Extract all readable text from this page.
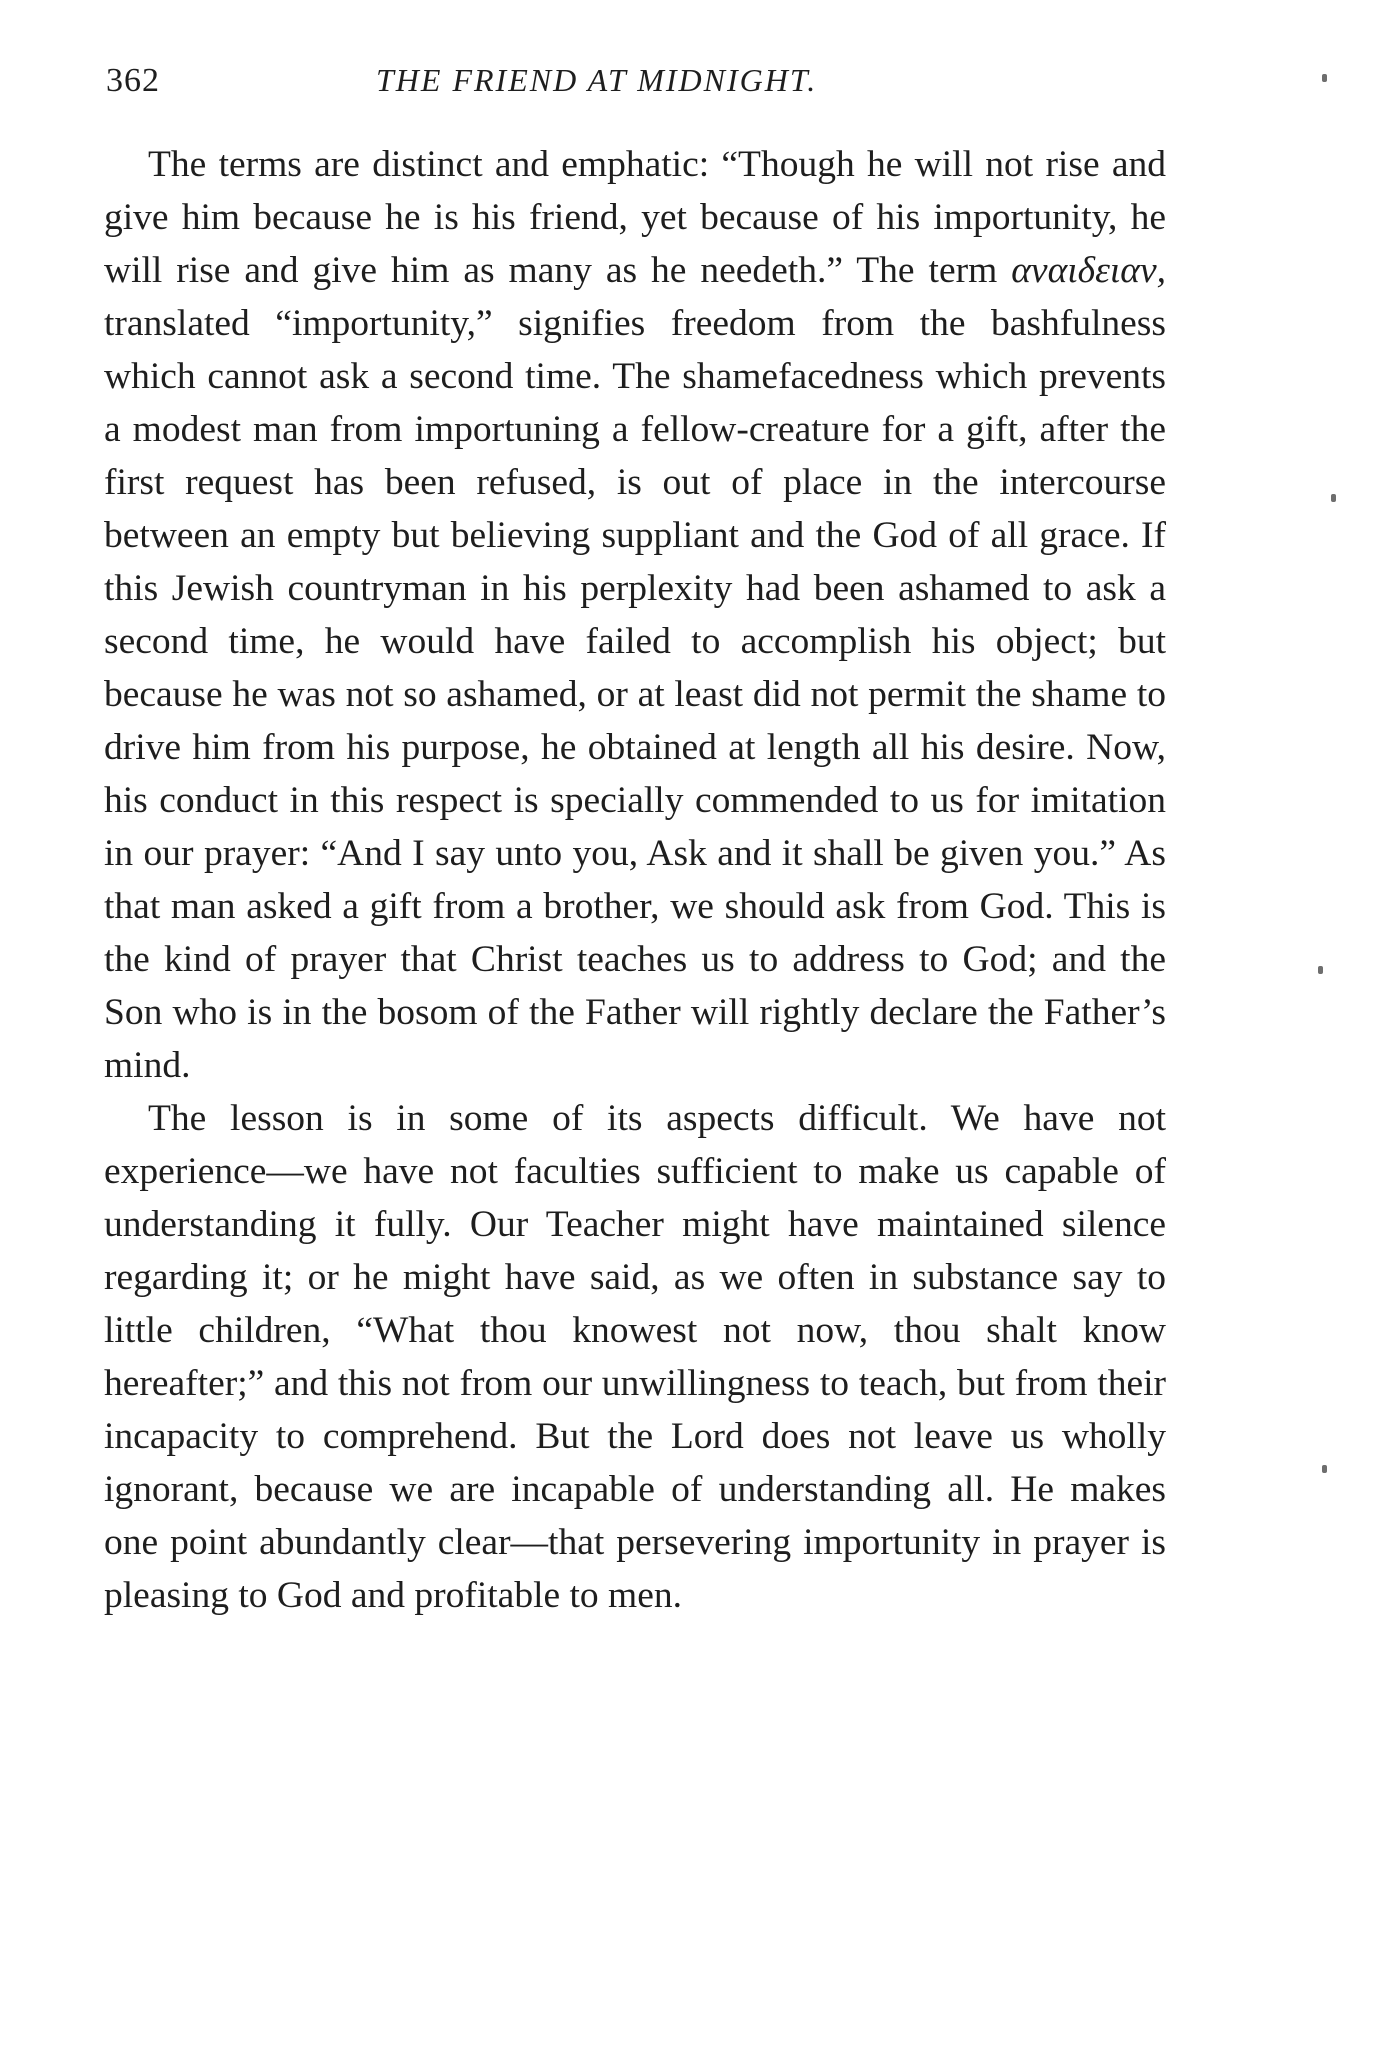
362	THE FRIEND AT MIDNIGHT.

The terms are distinct and emphatic: “Though he will not rise and give him because he is his friend, yet because of his importunity, he will rise and give him as many as he needeth.” The term αναιδειαν, translated “importunity,” signifies freedom from the bashfulness which cannot ask a second time. The shamefacedness which prevents a modest man from importuning a fellow-creature for a gift, after the first request has been refused, is out of place in the intercourse between an empty but believing suppliant and the God of all grace. If this Jewish countryman in his perplexity had been ashamed to ask a second time, he would have failed to accomplish his object; but because he was not so ashamed, or at least did not permit the shame to drive him from his purpose, he obtained at length all his desire. Now, his conduct in this respect is specially commended to us for imitation in our prayer: “And I say unto you, Ask and it shall be given you.” As that man asked a gift from a brother, we should ask from God. This is the kind of prayer that Christ teaches us to address to God; and the Son who is in the bosom of the Father will rightly declare the Father’s mind.

The lesson is in some of its aspects difficult. We have not experience—we have not faculties sufficient to make us capable of understanding it fully. Our Teacher might have maintained silence regarding it; or he might have said, as we often in substance say to little children, “What thou knowest not now, thou shalt know hereafter;” and this not from our unwillingness to teach, but from their incapacity to comprehend. But the Lord does not leave us wholly ignorant, because we are incapable of understanding all. He makes one point abundantly clear—that persevering importunity in prayer is pleasing to God and profitable to men.
